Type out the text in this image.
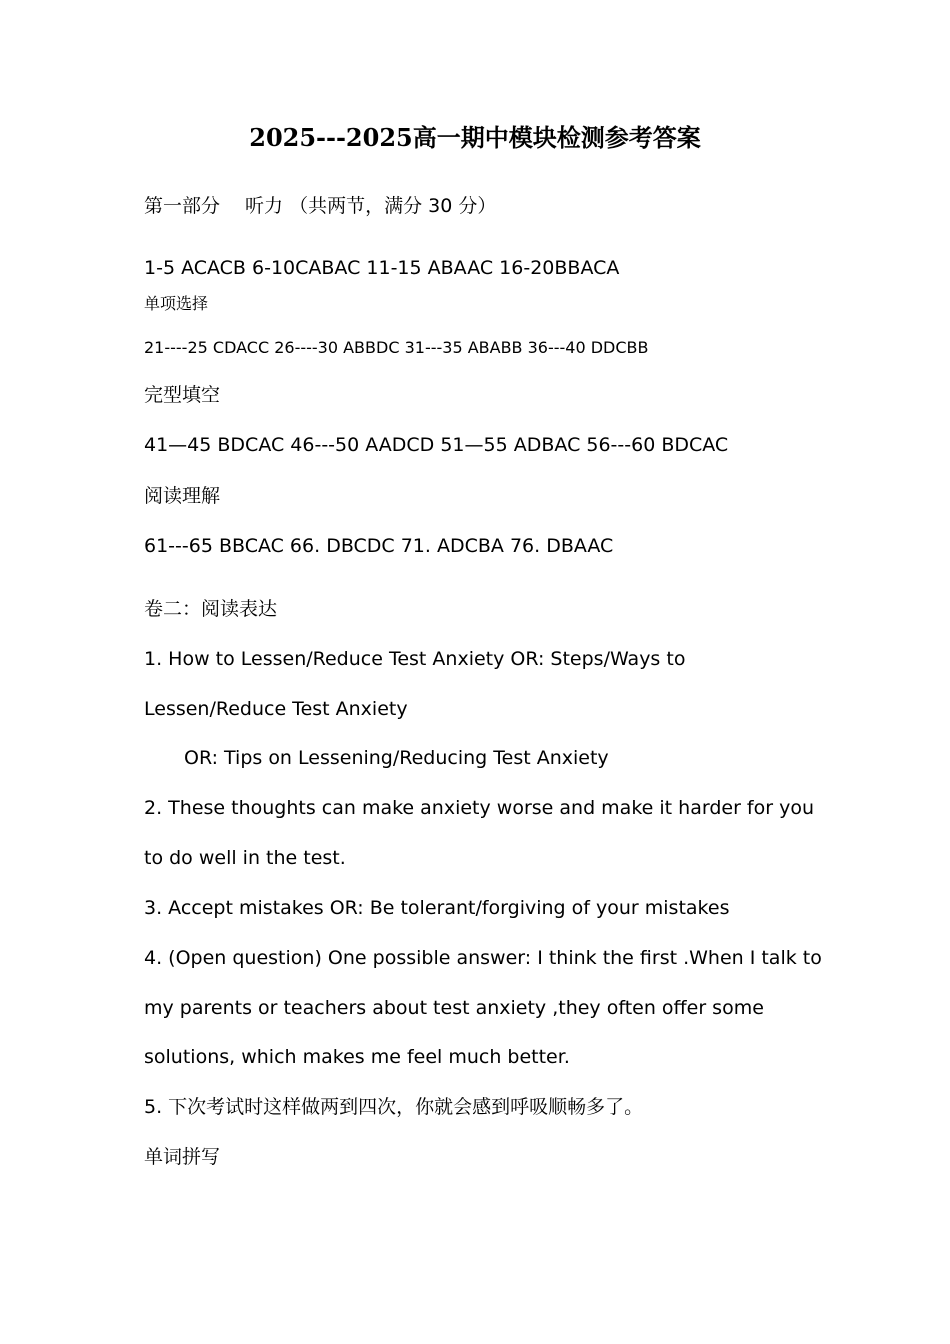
2025---2025高一期中模块检测参考答案
第一部分　 听力 （共两节，满分 30 分）
1-5 ACACB 6-10CABAC 11-15 ABAAC 16-20BBACA
单项选择
21----25 CDACC 26----30 ABBDC 31---35 ABABB 36---40 DDCBB
完型填空
41—45 BDCAC 46---50 AADCD 51—55 ADBAC 56---60 BDCAC
阅读理解
61---65 BBCAC 66. DBCDC 71. ADCBA 76. DBAAC
卷二：阅读表达
1. How to Lessen/Reduce Test Anxiety OR: Steps/Ways to
Lessen/Reduce Test Anxiety
OR: Tips on Lessening/Reducing Test Anxiety
2. These thoughts can make anxiety worse and make it harder for you
to do well in the test.
3. Accept mistakes OR: Be tolerant/forgiving of your mistakes
4. (Open question) One possible answer: I think the first .When I talk to
my parents or teachers about test anxiety ,they often offer some
solutions, which makes me feel much better.
5. 下次考试时这样做两到四次，你就会感到呼吸顺畅多了。
单词拼写
